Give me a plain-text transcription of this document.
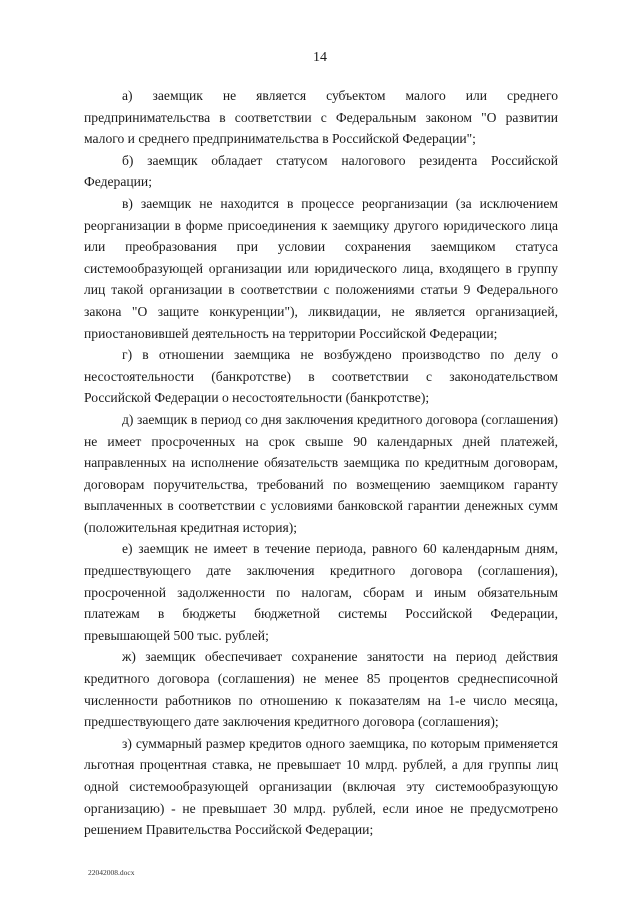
14

а) заемщик не является субъектом малого или среднего предпринимательства в соответствии с Федеральным законом "О развитии малого и среднего предпринимательства в Российской Федерации";

б) заемщик обладает статусом налогового резидента Российской Федерации;

в) заемщик не находится в процессе реорганизации (за исключением реорганизации в форме присоединения к заемщику другого юридического лица или преобразования при условии сохранения заемщиком статуса системообразующей организации или юридического лица, входящего в группу лиц такой организации в соответствии с положениями статьи 9 Федерального закона "О защите конкуренции"), ликвидации, не является организацией, приостановившей деятельность на территории Российской Федерации;

г) в отношении заемщика не возбуждено производство по делу о несостоятельности (банкротстве) в соответствии с законодательством Российской Федерации о несостоятельности (банкротстве);

д) заемщик в период со дня заключения кредитного договора (соглашения) не имеет просроченных на срок свыше 90 календарных дней платежей, направленных на исполнение обязательств заемщика по кредитным договорам, договорам поручительства, требований по возмещению заемщиком гаранту выплаченных в соответствии с условиями банковской гарантии денежных сумм (положительная кредитная история);

е) заемщик не имеет в течение периода, равного 60 календарным дням, предшествующего дате заключения кредитного договора (соглашения), просроченной задолженности по налогам, сборам и иным обязательным платежам в бюджеты бюджетной системы Российской Федерации, превышающей 500 тыс. рублей;

ж) заемщик обеспечивает сохранение занятости на период действия кредитного договора (соглашения) не менее 85 процентов среднесписочной численности работников по отношению к показателям на 1-е число месяца, предшествующего дате заключения кредитного договора (соглашения);

з) суммарный размер кредитов одного заемщика, по которым применяется льготная процентная ставка, не превышает 10 млрд. рублей, а для группы лиц одной системообразующей организации (включая эту системообразующую организацию) - не превышает 30 млрд. рублей, если иное не предусмотрено решением Правительства Российской Федерации;

22042008.docx
